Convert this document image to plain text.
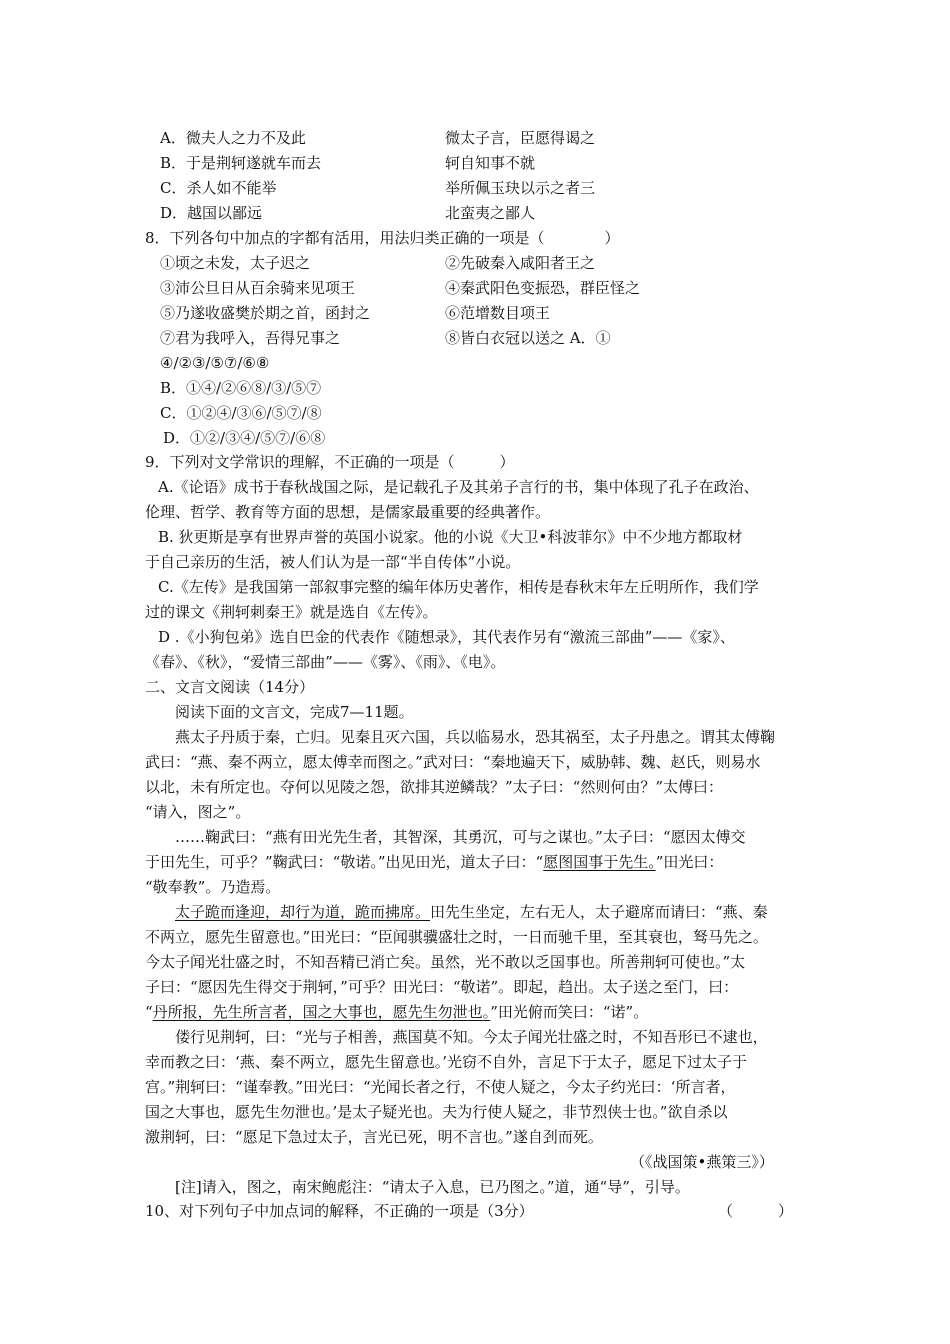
A．微夫人之力不及此	微太子言，臣愿得谒之
B．于是荆轲遂就车而去	轲自知事不就
C．杀人如不能举	举所佩玉玦以示之者三
D．越国以鄙远	北蛮夷之鄙人
8．下列各句中加点的字都有活用，用法归类正确的一项是（　　　　）
①顷之未发，太子迟之	②先破秦入咸阳者王之
③沛公旦日从百余骑来见项王	④秦武阳色变振恐，群臣怪之
⑤乃遂收盛樊於期之首，函封之	⑥范增数目项王
⑦君为我呼入，吾得兄事之	⑧皆白衣冠以送之 A．①
④/②③/⑤⑦/⑥⑧
B．①④/②⑥⑧/③/⑤⑦
C．①②④/③⑥/⑤⑦/⑧
D．①②/③④/⑤⑦/⑥⑧
9．下列对文学常识的理解，不正确的一项是（　　　）
A.《论语》成书于春秋战国之际，是记载孔子及其弟子言行的书，集中体现了孔子在政治、
伦理、哲学、教育等方面的思想，是儒家最重要的经典著作。
B. 狄更斯是享有世界声誉的英国小说家。他的小说《大卫•科波菲尔》中不少地方都取材
于自己亲历的生活，被人们认为是一部“半自传体”小说。
C.《左传》是我国第一部叙事完整的编年体历史著作，相传是春秋末年左丘明所作，我们学
过的课文《荆轲刺秦王》就是选自《左传》。
D .《小狗包弟》选自巴金的代表作《随想录》，其代表作另有“激流三部曲”——《家》、
《春》、《秋》，“爱情三部曲”——《雾》、《雨》、《电》。
二、文言文阅读（14分）
阅读下面的文言文，完成7—11题。
燕太子丹质于秦，亡归。见秦且灭六国，兵以临易水，恐其祸至，太子丹患之。谓其太傅鞠
武曰：“燕、秦不两立，愿太傅幸而图之。”武对曰：“秦地遍天下，威胁韩、魏、赵氏，则易水
以北，未有所定也。夺何以见陵之怨，欲排其逆鳞哉？”太子曰：“然则何由？”太傅曰：
“请入，图之”。
……鞠武曰：“燕有田光先生者，其智深，其勇沉，可与之谋也。”太子曰：“愿因太傅交
于田先生，可乎？”鞠武曰：“敬诺。”出见田光，道太子曰：“愿图国事于先生。”田光曰：
“敬奉教”。乃造焉。
太子跪而逢迎，却行为道，跪而拂席。田先生坐定，左右无人，太子避席而请曰：“燕、秦
不两立，愿先生留意也。”田光曰：“臣闻骐骥盛壮之时，一日而驰千里，至其衰也，驽马先之。
今太子闻光壮盛之时，不知吾精已消亡矣。虽然，光不敢以乏国事也。所善荆轲可使也。”太
子曰：“愿因先生得交于荆轲，”可乎？田光曰：“敬诺”。即起，趋出。太子送之至门，曰：
“丹所报，先生所言者，国之大事也，愿先生勿泄也。”田光俯而笑曰：“诺”。
偻行见荆轲，曰：“光与子相善，燕国莫不知。今太子闻光壮盛之时，不知吾形已不逮也，
幸而教之曰：‘燕、秦不两立，愿先生留意也。’光窃不自外，言足下于太子，愿足下过太子于
宫。”荆轲曰：“谨奉教。”田光曰：“光闻长者之行，不使人疑之，今太子约光曰：‘所言者，
国之大事也，愿先生勿泄也。’是太子疑光也。夫为行使人疑之，非节烈侠士也。”欲自杀以
激荆轲，曰：“愿足下急过太子，言光已死，明不言也。”遂自刭而死。
（《战国策•燕策三》）
[注]请入，图之，南宋鲍彪注：“请太子入息，已乃图之。”道，通“导”，引导。
10、对下列句子中加点词的解释，不正确的一项是（3分）	（　　　）
